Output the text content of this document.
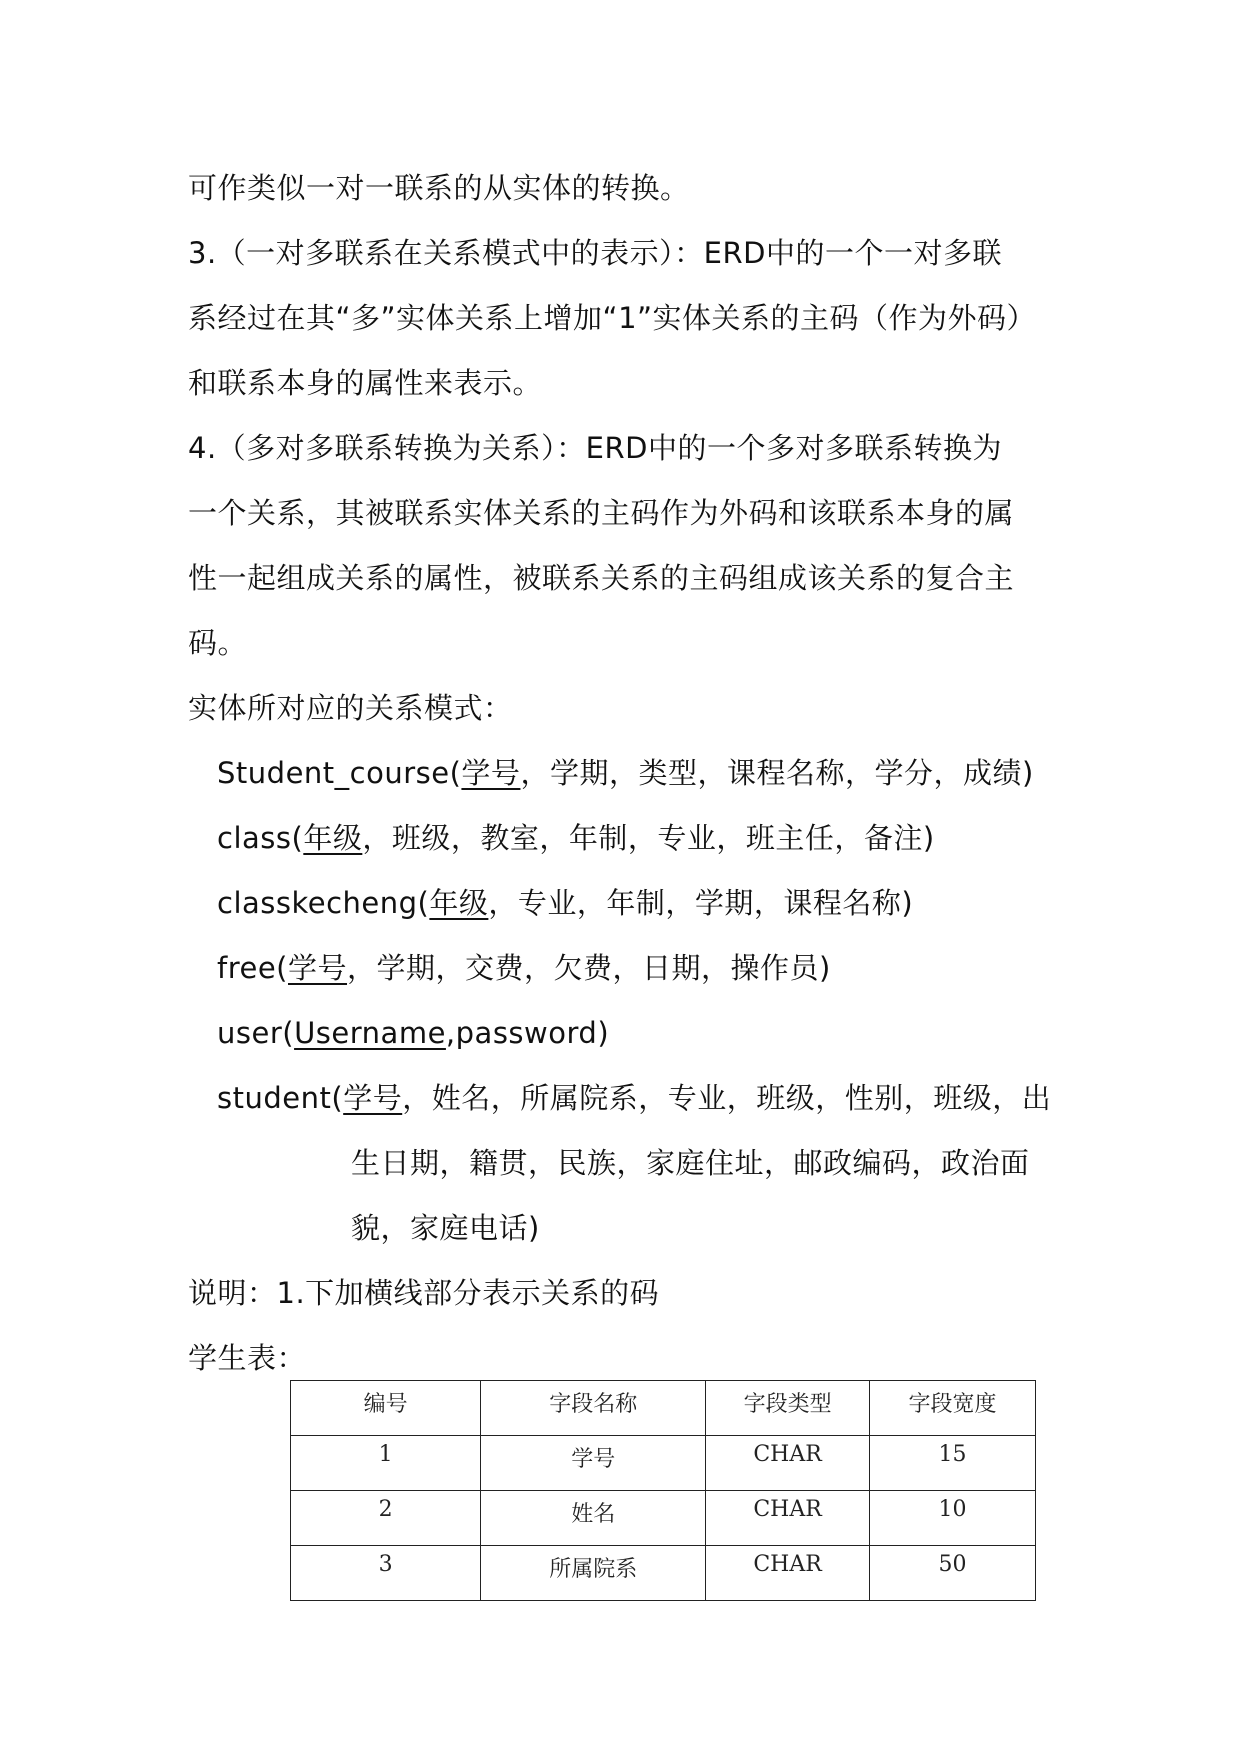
可作类似一对一联系的从实体的转换。
3.（一对多联系在关系模式中的表示）：ERD中的一个一对多联
系经过在其“多”实体关系上增加“1”实体关系的主码（作为外码）
和联系本身的属性来表示。
4.（多对多联系转换为关系）：ERD中的一个多对多联系转换为
一个关系，其被联系实体关系的主码作为外码和该联系本身的属
性一起组成关系的属性，被联系关系的主码组成该关系的复合主
码。
实体所对应的关系模式：
Student_course(学号，学期，类型，课程名称，学分，成绩)
class(年级，班级，教室，年制，专业，班主任，备注)
classkecheng(年级，专业，年制，学期，课程名称)
free(学号，学期，交费，欠费，日期，操作员)
user(Username,password)
student(学号，姓名，所属院系，专业，班级，性别，班级，出
生日期，籍贯，民族，家庭住址，邮政编码，政治面
貌，家庭电话)
说明：1.下加横线部分表示关系的码
学生表：
编号	字段名称	字段类型	字段宽度
1	学号	CHAR	15
2	姓名	CHAR	10
3	所属院系	CHAR	50
